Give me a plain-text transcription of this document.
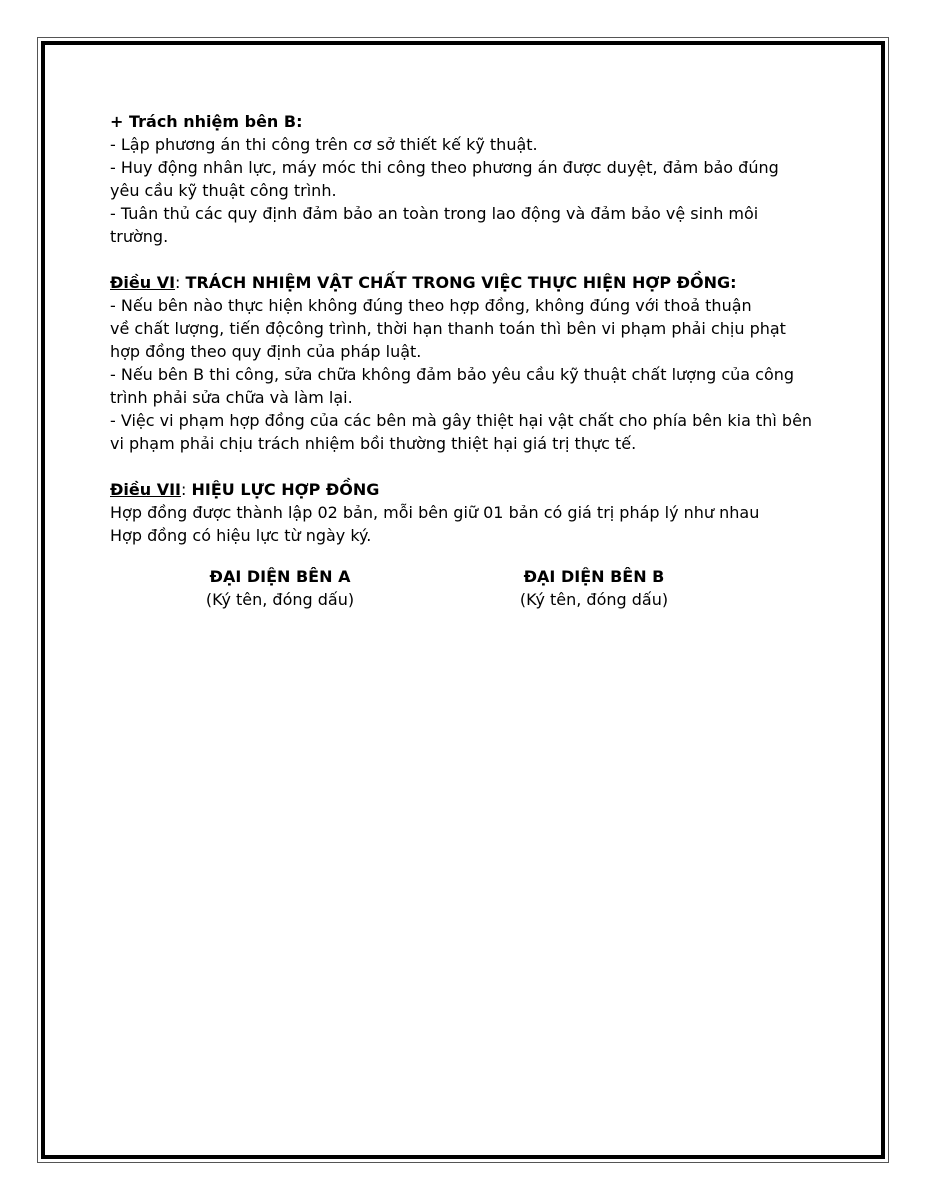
+ Trách nhiệm bên B:
- Lập phương án thi công trên cơ sở thiết kế kỹ thuật.
- Huy động nhân lực, máy móc thi công theo phương án được duyệt, đảm bảo đúng
yêu cầu kỹ thuật công trình.
- Tuân thủ các quy định đảm bảo an toàn trong lao động và đảm bảo vệ sinh môi
trường.
Điều VI: TRÁCH NHIỆM VẬT CHẤT TRONG VIỆC THỰC HIỆN HỢP ĐỒNG:
- Nếu bên nào thực hiện không đúng theo hợp đồng, không đúng với thoả thuận
về chất lượng, tiến độcông trình, thời hạn thanh toán thì bên vi phạm phải chịu phạt
hợp đồng theo quy định của pháp luật.
- Nếu bên B thi công, sửa chữa không đảm bảo yêu cầu kỹ thuật chất lượng của công
trình phải sửa chữa và làm lại.
- Việc vi phạm hợp đồng của các bên mà gây thiệt hại vật chất cho phía bên kia thì bên
vi phạm phải chịu trách nhiệm bồi thường thiệt hại giá trị thực tế.
Điều VII: HIỆU LỰC HỢP ĐỒNG
Hợp đồng được thành lập 02 bản, mỗi bên giữ 01 bản có giá trị pháp lý như nhau
Hợp đồng có hiệu lực từ ngày ký.
ĐẠI DIỆN BÊN A
(Ký tên, đóng dấu)
ĐẠI DIỆN BÊN B
(Ký tên, đóng dấu)
